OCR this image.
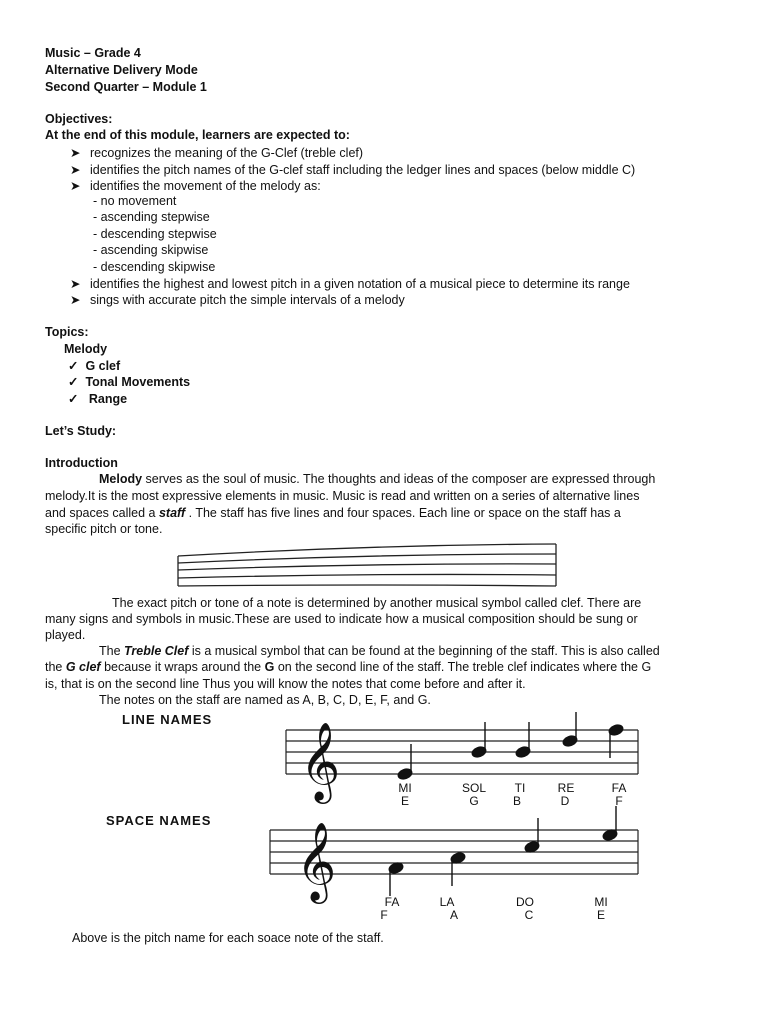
Music – Grade 4
Alternative Delivery Mode
Second Quarter – Module 1
Objectives:
At the end of this module, learners are expected to:
➤ recognizes the meaning of the G-Clef (treble clef)
➤ identifies the pitch names of the G-clef staff including the ledger lines and spaces (below middle C)
➤ identifies the movement of the melody as:
- no movement
- ascending stepwise
- descending stepwise
- ascending skipwise
- descending skipwise
➤ identifies the highest and lowest pitch in a given notation of a musical piece to determine its range
➤ sings with accurate pitch the simple intervals of a melody
Topics:
Melody
✓ G clef
✓ Tonal Movements
✓ Range
Let’s Study:
Introduction
Melody serves as the soul of music. The thoughts and ideas of the composer are expressed through
melody.It is the most expressive elements in music. Music is read and written on a series of alternative lines
and spaces called a staff . The staff has five lines and four spaces. Each line or space on the staff has a
specific pitch or tone.
The exact pitch or tone of a note is determined by another musical symbol called clef. There are
many signs and symbols in music.These are used to indicate how a musical composition should be sung or
played.
The Treble Clef is a musical symbol that can be found at the beginning of the staff. This is also called
the G clef because it wraps around the G on the second line of the staff. The treble clef indicates where the G
is, that is on the second line Thus you will know the notes that come before and after it.
The notes on the staff are named as A, B, C, D, E, F, and G.
LINE NAMES
SPACE NAMES
𝄞	MI	SOL TI	RE	FA
E	G	B	D	F
𝄞
FA	LA	DO	MI
F	A	C	E
Above is the pitch name for each soace note of the staff.
